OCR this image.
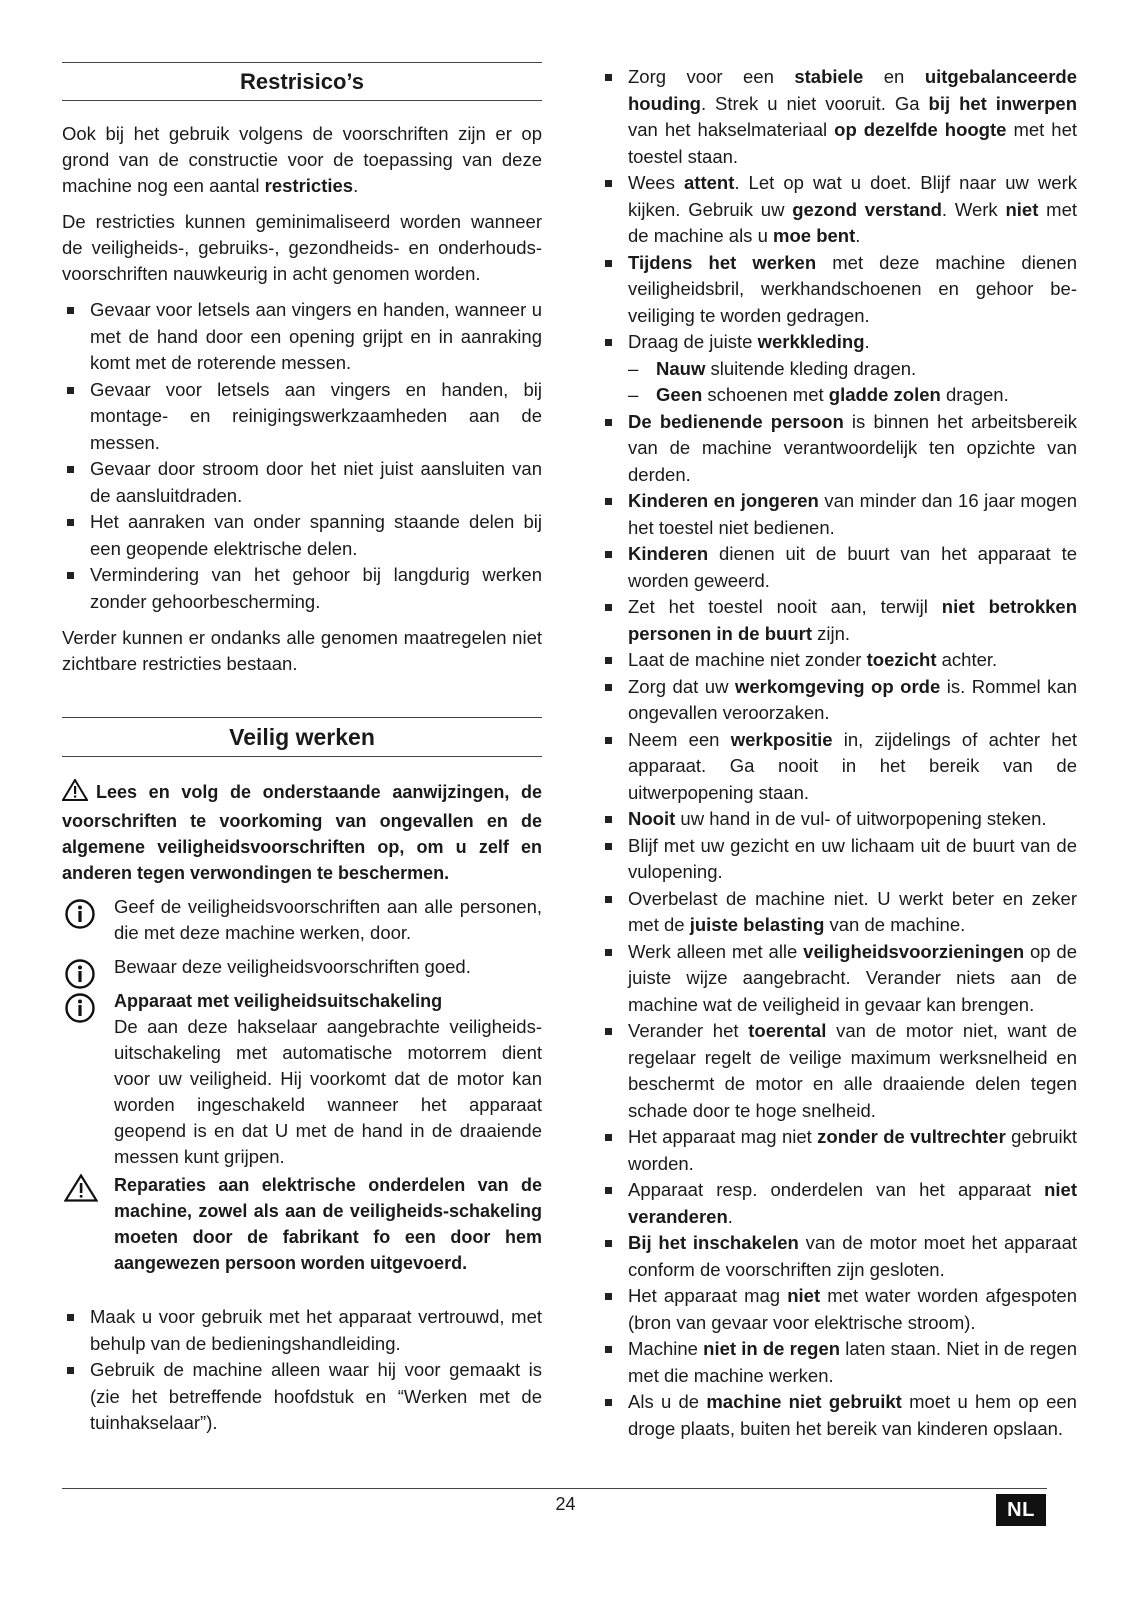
Restrisico’s

Ook bij het gebruik volgens de voorschriften zijn er op grond van de constructie voor de toepassing van deze machine nog een aantal restricties.

De restricties kunnen geminimaliseerd worden wanneer de veiligheids-, gebruiks-, gezondheids- en onderhouds-voorschriften nauwkeurig in acht genomen worden.

Gevaar voor letsels aan vingers en handen, wanneer u met de hand door een opening grijpt en in aanraking komt met de roterende messen.
Gevaar voor letsels aan vingers en handen, bij montage- en reinigingswerkzaamheden aan de messen.
Gevaar door stroom door het niet juist aansluiten van de aansluitdraden.
Het aanraken van onder spanning staande delen bij een geopende elektrische delen.
Vermindering van het gehoor bij langdurig werken zonder gehoorbescherming.

Verder kunnen er ondanks alle genomen maatregelen niet zichtbare restricties bestaan.

Veilig werken
Lees en volg de onderstaande aanwijzingen, de voorschriften te voorkoming van ongevallen en de algemene veiligheidsvoorschriften op, om u zelf en anderen tegen verwondingen te beschermen.
Geef de veiligheidsvoorschriften aan alle personen, die met deze machine werken, door.
Bewaar deze veiligheidsvoorschriften goed.
Apparaat met veiligheidsuitschakeling
De aan deze hakselaar aangebrachte veiligheids-uitschakeling met automatische motorrem dient voor uw veiligheid. Hij voorkomt dat de motor kan worden ingeschakeld wanneer het apparaat geopend is en dat U met de hand in de draaiende messen kunt grijpen.
Reparaties aan elektrische onderdelen van de machine, zowel als aan de veiligheids-schakeling moeten door de fabrikant fo een door hem aangewezen persoon worden uitgevoerd.
Maak u voor gebruik met het apparaat vertrouwd, met behulp van de bedieningshandleiding.
Gebruik de machine alleen waar hij voor gemaakt is (zie het betreffende hoofdstuk en “Werken met de tuinhakselaar”).
Zorg voor een stabiele en uitgebalanceerde houding. Strek u niet vooruit. Ga bij het inwerpen van het hakselmateriaal op dezelfde hoogte met het toestel staan.
Wees attent. Let op wat u doet. Blijf naar uw werk kijken. Gebruik uw gezond verstand. Werk niet met de machine als u moe bent.
Tijdens het werken met deze machine dienen veiligheidsbril, werkhandschoenen en gehoor be-veiliging te worden gedragen.
Draag de juiste werkkleding.
– Nauw sluitende kleding dragen.
– Geen schoenen met gladde zolen dragen.
De bedienende persoon is binnen het arbeitsbereik van de machine verantwoordelijk ten opzichte van derden.
Kinderen en jongeren van minder dan 16 jaar mogen het toestel niet bedienen.
Kinderen dienen uit de buurt van het apparaat te worden geweerd.
Zet het toestel nooit aan, terwijl niet betrokken personen in de buurt zijn.
Laat de machine niet zonder toezicht achter.
Zorg dat uw werkomgeving op orde is. Rommel kan ongevallen veroorzaken.
Neem een werkpositie in, zijdelings of achter het apparaat. Ga nooit in het bereik van de uitwerpopening staan.
Nooit uw hand in de vul- of uitworpopening steken.
Blijf met uw gezicht en uw lichaam uit de buurt van de vulopening.
Overbelast de machine niet. U werkt beter en zeker met de juiste belasting van de machine.
Werk alleen met alle veiligheidsvoorzieningen op de juiste wijze aangebracht. Verander niets aan de machine wat de veiligheid in gevaar kan brengen.
Verander het toerental van de motor niet, want de regelaar regelt de veilige maximum werksnelheid en beschermt de motor en alle draaiende delen tegen schade door te hoge snelheid.
Het apparaat mag niet zonder de vultrechter gebruikt worden.
Apparaat resp. onderdelen van het apparaat niet veranderen.
Bij het inschakelen van de motor moet het apparaat conform de voorschriften zijn gesloten.
Het apparaat mag niet met water worden afgespoten (bron van gevaar voor elektrische stroom).
Machine niet in de regen laten staan. Niet in de regen met die machine werken.
Als u de machine niet gebruikt moet u hem op een droge plaats, buiten het bereik van kinderen opslaan.
24	NL
